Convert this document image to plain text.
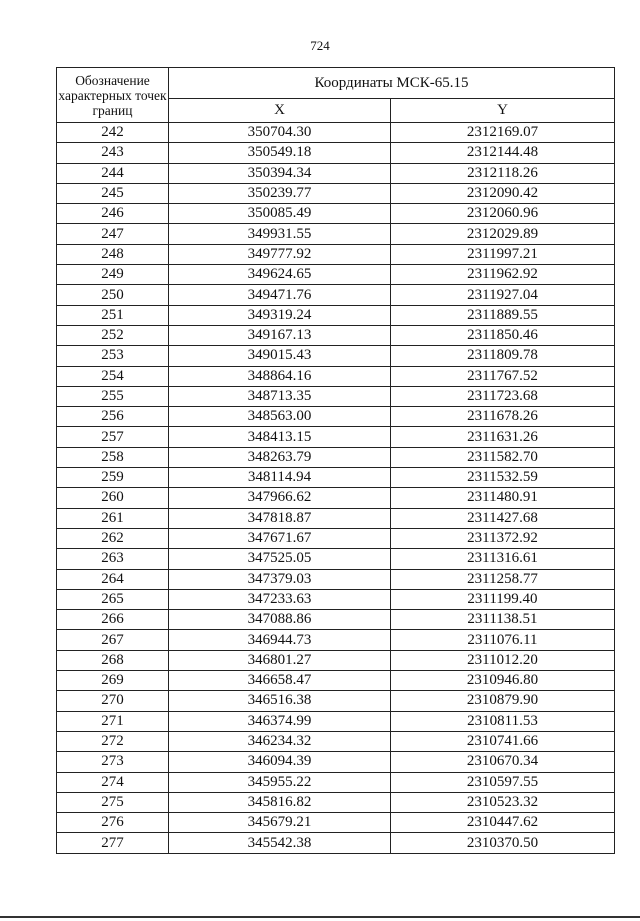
724
Обозначение характерных точек границ	Координаты МСК-65.15	
	X	Y
242	350704.30	2312169.07
243	350549.18	2312144.48
244	350394.34	2312118.26
245	350239.77	2312090.42
246	350085.49	2312060.96
247	349931.55	2312029.89
248	349777.92	2311997.21
249	349624.65	2311962.92
250	349471.76	2311927.04
251	349319.24	2311889.55
252	349167.13	2311850.46
253	349015.43	2311809.78
254	348864.16	2311767.52
255	348713.35	2311723.68
256	348563.00	2311678.26
257	348413.15	2311631.26
258	348263.79	2311582.70
259	348114.94	2311532.59
260	347966.62	2311480.91
261	347818.87	2311427.68
262	347671.67	2311372.92
263	347525.05	2311316.61
264	347379.03	2311258.77
265	347233.63	2311199.40
266	347088.86	2311138.51
267	346944.73	2311076.11
268	346801.27	2311012.20
269	346658.47	2310946.80
270	346516.38	2310879.90
271	346374.99	2310811.53
272	346234.32	2310741.66
273	346094.39	2310670.34
274	345955.22	2310597.55
275	345816.82	2310523.32
276	345679.21	2310447.62
277	345542.38	2310370.50
